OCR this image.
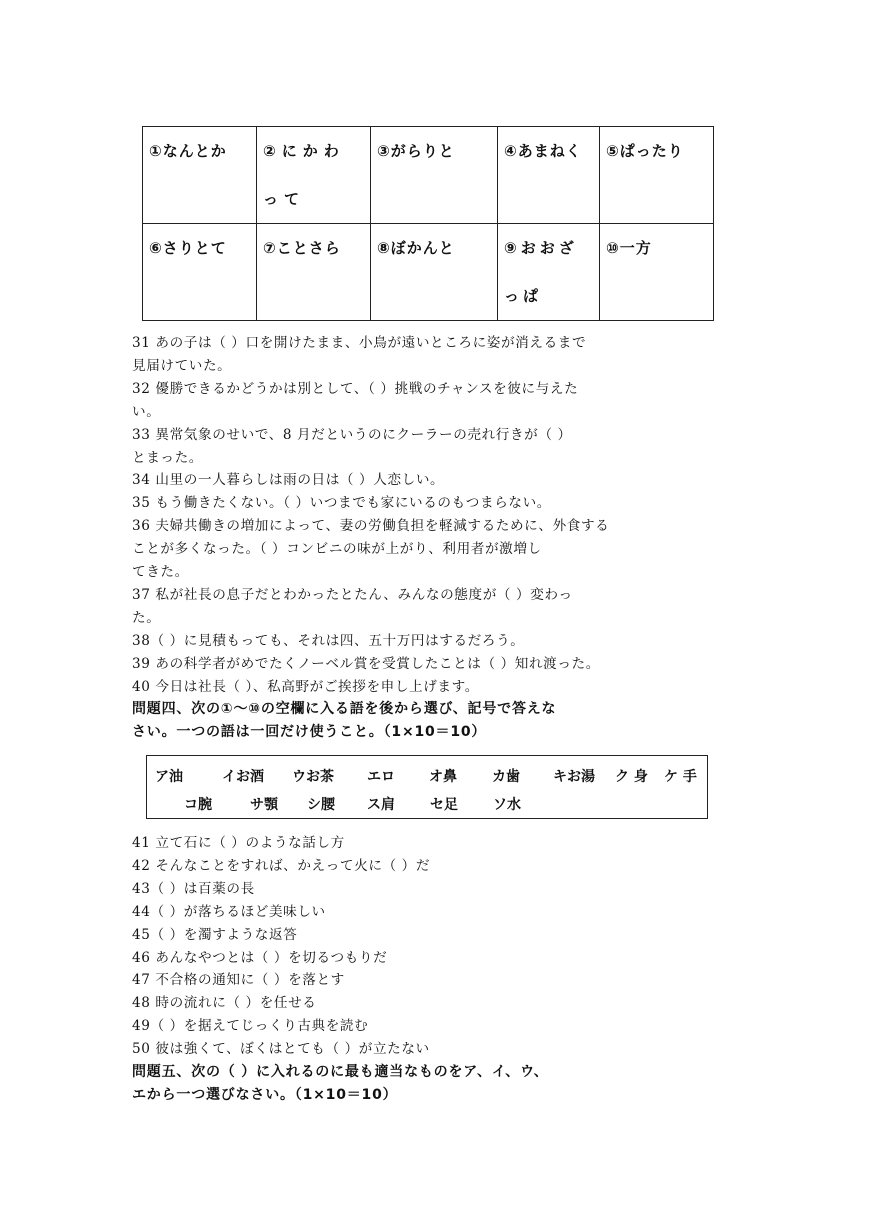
①なんとか	②にかわって	③がらりと	④あまねく	⑤ぱったり
⑥さりとて	⑦ことさら	⑧ぼかんと	⑨おおざっぱ	⑩一方
31 あの子は（ ）口を開けたまま、小鳥が遠いところに姿が消えるまで
見届けていた。
32 優勝できるかどうかは別として、（ ）挑戦のチャンスを彼に与えた
い。
33 異常気象のせいで、8 月だというのにクーラーの売れ行きが（ ）
とまった。
34 山里の一人暮らしは雨の日は（ ）人恋しい。
35 もう働きたくない。（ ）いつまでも家にいるのもつまらない。
36 夫婦共働きの増加によって、妻の労働負担を軽減するために、外食する
ことが多くなった。（ ）コンビニの味が上がり、利用者が激増し
てきた。
37 私が社長の息子だとわかったとたん、みんなの態度が（ ）変わっ
た。
38（ ）に見積もっても、それは四、五十万円はするだろう。
39 あの科学者がめでたくノーベル賞を受賞したことは（ ）知れ渡った。
40 今日は社長（ ）、私高野がご挨拶を申し上げます。
問題四、次の①～⑩の空欄に入る語を後から選び、記号で答えな
さい。一つの語は一回だけ使うこと。（1×10＝10）
ア油	イお酒 ウお茶 エロ オ鼻	カ歯 キお湯 ク 身 ケ 手
コ腕	サ顎 シ腰 ス肩	セ足	ソ水
41 立て石に（ ）のような話し方
42 そんなことをすれば、かえって火に（ ）だ
43（ ）は百薬の長
44（ ）が落ちるほど美味しい
45（ ）を濁すような返答
46 あんなやつとは（ ）を切るつもりだ
47 不合格の通知に（ ）を落とす
48 時の流れに（ ）を任せる
49（ ）を据えてじっくり古典を読む
50 彼は強くて、ぼくはとても（ ）が立たない
問題五、次の（ ）に入れるのに最も適当なものをア、イ、ウ、
エから一つ選びなさい。（1×10＝10）
